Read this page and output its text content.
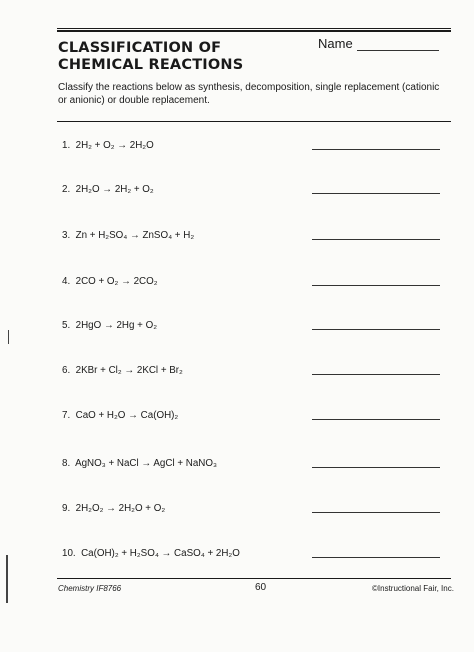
CLASSIFICATION OF
CHEMICAL REACTIONS
Name

Classify the reactions below as synthesis, decomposition, single replacement (cationic or anionic) or double replacement.

1. 2H₂ + O₂ → 2H₂O
2. 2H₂O → 2H₂ + O₂
3. Zn + H₂SO₄ → ZnSO₄ + H₂
4. 2CO + O₂ → 2CO₂
5. 2HgO → 2Hg + O₂
6. 2KBr + Cl₂ → 2KCl + Br₂
7. CaO + H₂O → Ca(OH)₂
8. AgNO₃ + NaCl → AgCl + NaNO₃
9. 2H₂O₂ → 2H₂O + O₂
10. Ca(OH)₂ + H₂SO₄ → CaSO₄ + 2H₂O
Chemistry IF8766	60	©Instructional Fair, Inc.
